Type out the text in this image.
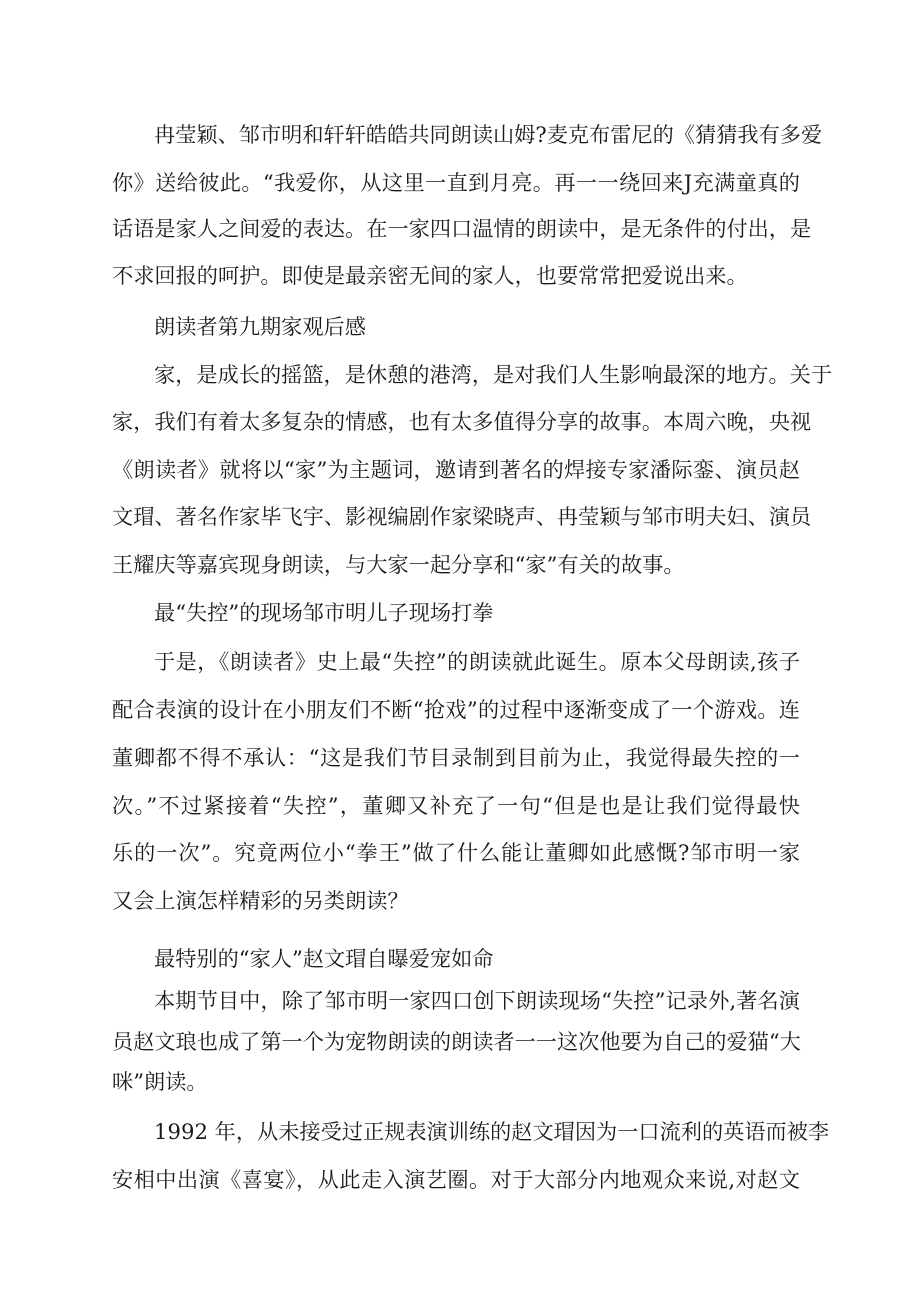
冉莹颖、邹市明和轩轩皓皓共同朗读山姆?麦克布雷尼的《猜猜我有多爱
你》送给彼此。“我爱你，从这里一直到月亮。再一一绕回来J充满童真的
话语是家人之间爱的表达。在一家四口温情的朗读中，是无条件的付出，是
不求回报的呵护。即使是最亲密无间的家人，也要常常把爱说出来。
朗读者第九期家观后感
家，是成长的摇篮，是休憩的港湾，是对我们人生影响最深的地方。关于
家，我们有着太多复杂的情感，也有太多值得分享的故事。本周六晚，央视
《朗读者》就将以“家”为主题词，邀请到著名的焊接专家潘际銮、演员赵
文瑁、著名作家毕飞宇、影视编剧作家梁晓声、冉莹颖与邹市明夫妇、演员
王耀庆等嘉宾现身朗读，与大家一起分享和“家”有关的故事。
最“失控”的现场邹市明儿子现场打拳
于是，《朗读者》史上最“失控”的朗读就此诞生。原本父母朗读,孩子
配合表演的设计在小朋友们不断“抢戏”的过程中逐渐变成了一个游戏。连
董卿都不得不承认：“这是我们节目录制到目前为止，我觉得最失控的一
次。”不过紧接着“失控”，董卿又补充了一句“但是也是让我们觉得最快
乐的一次”。究竟两位小“拳王”做了什么能让董卿如此感慨?邹市明一家
又会上演怎样精彩的另类朗读？
最特别的“家人”赵文瑁自曝爱宠如命
本期节目中，除了邹市明一家四口创下朗读现场“失控”记录外,著名演
员赵文琅也成了第一个为宠物朗读的朗读者一一这次他要为自己的爱猫“大
咪”朗读。
1992 年，从未接受过正规表演训练的赵文瑁因为一口流利的英语而被李
安相中出演《喜宴》，从此走入演艺圈。对于大部分内地观众来说,对赵文
